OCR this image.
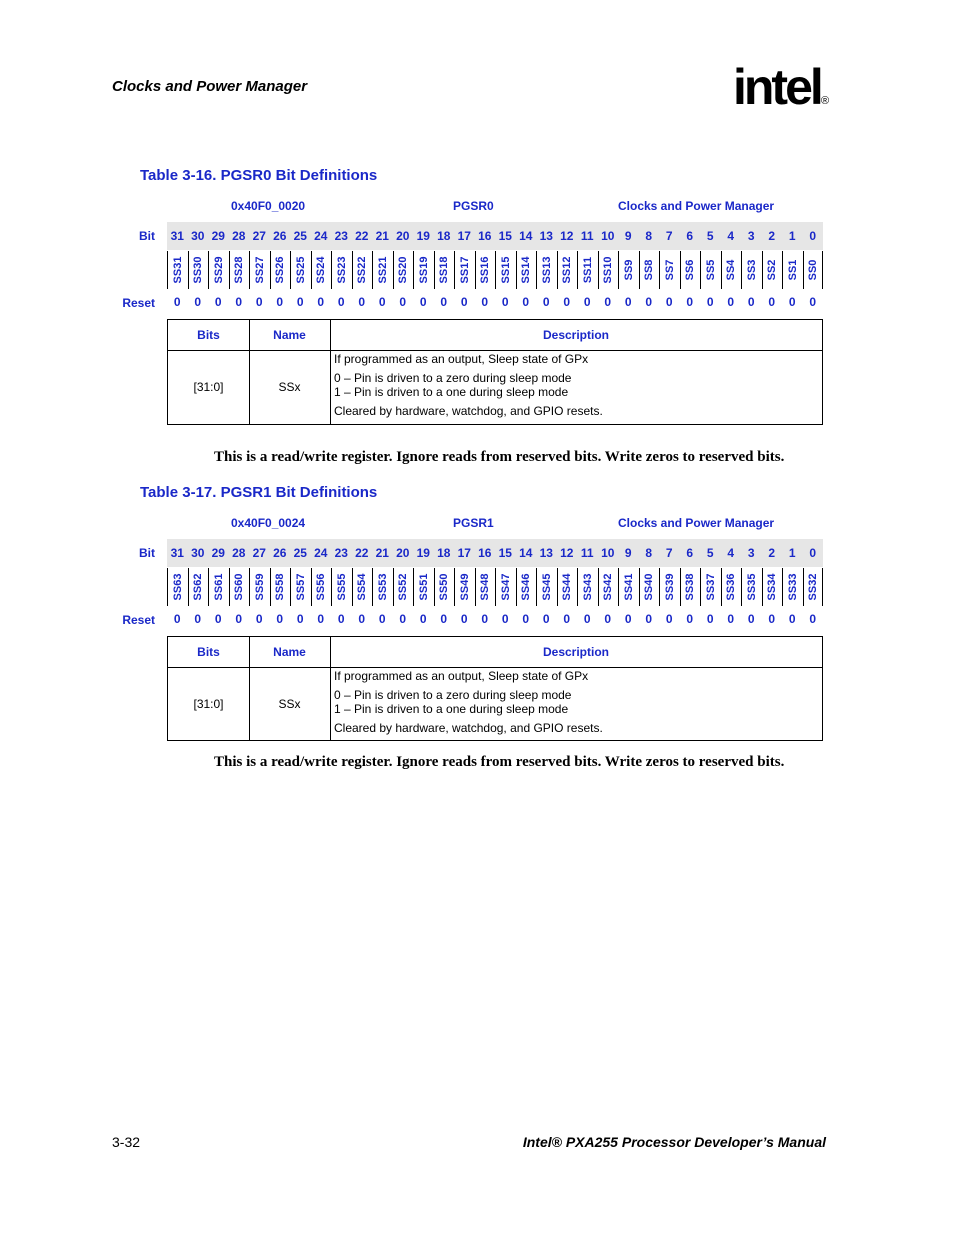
Clocks and Power Manager	intel ®
Table 3-16. PGSR0 Bit Definitions
0x40F0_0020	PGSR0	Clocks and Power Manager
Bit 31 30 29 28 27 26 25 24 23 22 21 20 19 18 17 16 15 14 13 12 11 10 9	8	7	6	5	4	3	2	1	0
SS31 SS30 SS29 SS28 SS27 SS26 SS25 SS24 SS23 SS22 SS21 SS20 SS19 SS18 SS17 SS16 SS15 SS14 SS13 SS12 SS11 SS10 SS9 SS8 SS7 SS6 SS5 SS4 SS3 SS2 SS1 SS0
Reset	0	0	0	0	0	0	0	0	0	0	0	0	0	0	0	0	0	0	0	0	0	0	0	0	0	0	0	0	0	0	0	0
Bits	Name	Description
[31:0]	SSx
If programmed as an output, Sleep state of GPx
0 – Pin is driven to a zero during sleep mode
1 – Pin is driven to a one during sleep mode
Cleared by hardware, watchdog, and GPIO resets.
This is a read/write register. Ignore reads from reserved bits. Write zeros to reserved bits.
Table 3-17. PGSR1 Bit Definitions
0x40F0_0024	PGSR1	Clocks and Power Manager
Bit 31 30 29 28 27 26 25 24 23 22 21 20 19 18 17 16 15 14 13 12 11 10 9	8	7	6	5	4	3	2	1	0
SS63 SS62 SS61 SS60 SS59 SS58 SS57 SS56 SS55 SS54 SS53 SS52 SS51 SS50 SS49 SS48 SS47 SS46 SS45 SS44 SS43 SS42 SS41 SS40 SS39 SS38 SS37 SS36 SS35 SS34 SS33 SS32
Reset	0	0	0	0	0	0	0	0	0	0	0	0	0	0	0	0	0	0	0	0	0	0	0	0	0	0	0	0	0	0	0	0
Bits	Name	Description
[31:0]	SSx
If programmed as an output, Sleep state of GPx
0 – Pin is driven to a zero during sleep mode
1 – Pin is driven to a one during sleep mode
Cleared by hardware, watchdog, and GPIO resets.
This is a read/write register. Ignore reads from reserved bits. Write zeros to reserved bits.
3-32	Intel® PXA255 Processor Developer’s Manual
